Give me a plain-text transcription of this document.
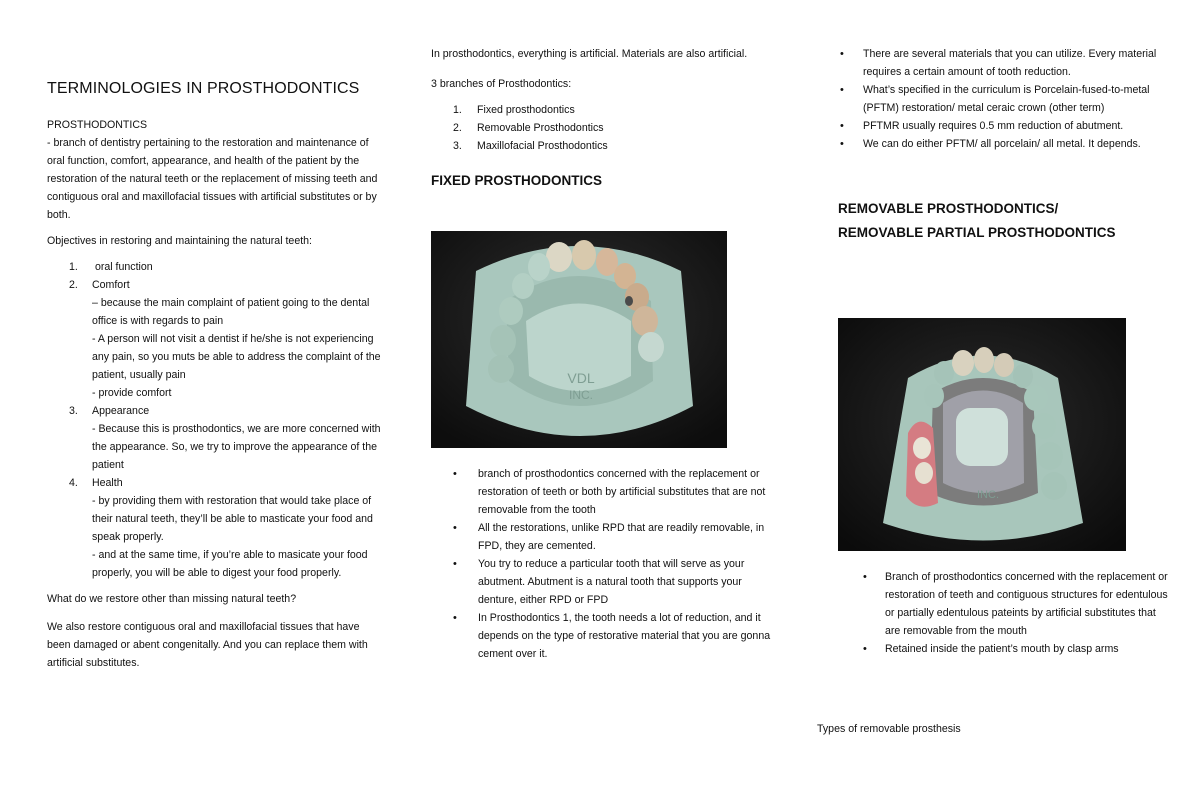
TERMINOLOGIES IN PROSTHODONTICS

PROSTHODONTICS

- branch of dentistry pertaining to the restoration and maintenance of oral function, comfort, appearance, and health of the patient by the restoration of the natural teeth or the replacement of missing teeth and contiguous oral and maxillofacial tissues with artificial substitutes or by both.

Objectives in restoring and maintaining the natural teeth:

1. oral function
2. Comfort
– because the main complaint of patient going to the dental office is with regards to pain
- A person will not visit a dentist if he/she is not experiencing any pain, so you muts be able to address the complaint of the patient, usually pain
- provide comfort
3. Appearance
- Because this is prosthodontics, we are more concerned with the appearance. So, we try to improve the appearance of the patient
4. Health
- by providing them with restoration that would take place of their natural teeth, they’ll be able to masticate your food and speak properly.
- and at the same time, if you’re able to masicate your food properly, you will be able to digest your food properly.

What do we restore other than missing natural teeth?

We also restore contiguous oral and maxillofacial tissues that have been damaged or abent congenitally. And you can replace them with artificial substitutes.

In prosthodontics, everything is artificial. Materials are also artificial.

3 branches of Prosthodontics:

1. Fixed prosthodontics
2. Removable Prosthodontics
3. Maxillofacial Prosthodontics
FIXED PROSTHODONTICS
VDL
INC.
• branch of prosthodontics concerned with the replacement or restoration of teeth or both by artificial substitutes that are not removable from the tooth
• All the restorations, unlike RPD that are readily removable, in FPD, they are cemented.
• You try to reduce a particular tooth that will serve as your abutment. Abutment is a natural tooth that supports your denture, either RPD or FPD
• In Prosthodontics 1, the tooth needs a lot of reduction, and it depends on the type of restorative material that you are gonna cement over it.
• There are several materials that you can utilize. Every material requires a certain amount of tooth reduction.
• What’s specified in the curriculum is Porcelain-fused-to-metal (PFTM) restoration/ metal ceraic crown (other term)
• PFTMR usually requires 0.5 mm reduction of abutment.
• We can do either PFTM/ all porcelain/ all metal. It depends.
REMOVABLE PROSTHODONTICS/
REMOVABLE PARTIAL PROSTHODONTICS
INC.
• Branch of prosthodontics concerned with the replacement or restoration of teeth and contiguous structures for edentulous or partially edentulous pateints by artificial substitutes that are removable from the mouth
• Retained inside the patient’s mouth by clasp arms
Types of removable prosthesis
